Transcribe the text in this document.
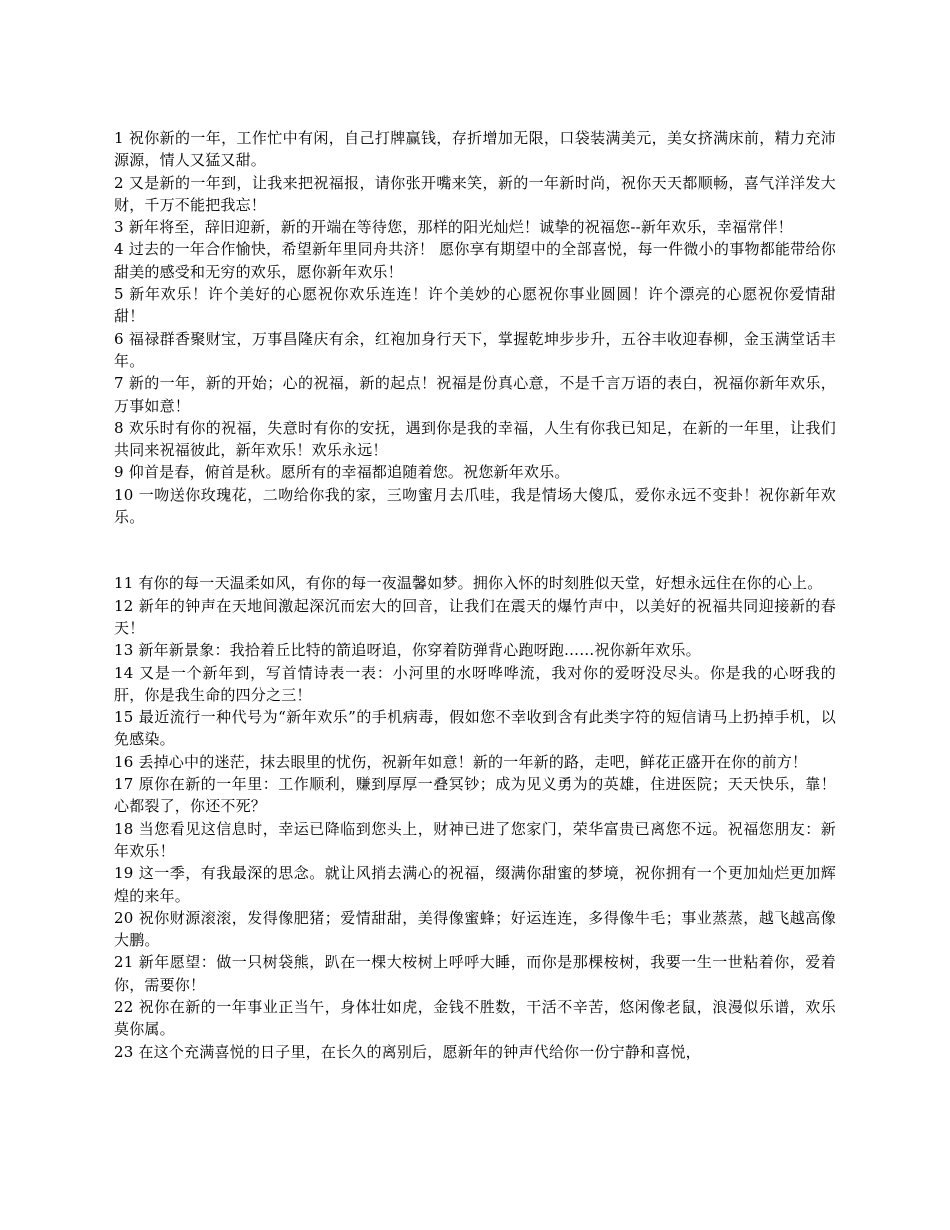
1 祝你新的一年，工作忙中有闲，自己打牌赢钱，存折增加无限，口袋装满美元，美女挤满床前，精力充沛源源，情人又猛又甜。

2 又是新的一年到，让我来把祝福报，请你张开嘴来笑，新的一年新时尚，祝你天天都顺畅，喜气洋洋发大财，千万不能把我忘！

3 新年将至，辞旧迎新，新的开端在等待您，那样的阳光灿烂！诚挚的祝福您--新年欢乐，幸福常伴！

4 过去的一年合作愉快，希望新年里同舟共济！ 愿你享有期望中的全部喜悦，每一件微小的事物都能带给你甜美的感受和无穷的欢乐，愿你新年欢乐！

5 新年欢乐！许个美好的心愿祝你欢乐连连！许个美妙的心愿祝你事业圆圆！许个漂亮的心愿祝你爱情甜甜！

6 福禄群香聚财宝，万事昌隆庆有余，红袍加身行天下，掌握乾坤步步升，五谷丰收迎春柳，金玉满堂话丰年。

7 新的一年，新的开始；心的祝福，新的起点！祝福是份真心意，不是千言万语的表白，祝福你新年欢乐，万事如意！

8 欢乐时有你的祝福，失意时有你的安抚，遇到你是我的幸福，人生有你我已知足，在新的一年里，让我们共同来祝福彼此，新年欢乐！欢乐永远！

9 仰首是春，俯首是秋。愿所有的幸福都追随着您。祝您新年欢乐。

10 一吻送你玫瑰花，二吻给你我的家，三吻蜜月去爪哇，我是情场大傻瓜，爱你永远不变卦！祝你新年欢乐。

11 有你的每一天温柔如风，有你的每一夜温馨如梦。拥你入怀的时刻胜似天堂，好想永远住在你的心上。

12 新年的钟声在天地间激起深沉而宏大的回音，让我们在震天的爆竹声中，以美好的祝福共同迎接新的春天！

13 新年新景象：我拾着丘比特的箭追呀追，你穿着防弹背心跑呀跑……祝你新年欢乐。

14 又是一个新年到，写首情诗表一表：小河里的水呀哗哗流，我对你的爱呀没尽头。你是我的心呀我的肝，你是我生命的四分之三！

15 最近流行一种代号为“新年欢乐”的手机病毒，假如您不幸收到含有此类字符的短信请马上扔掉手机，以免感染。

16 丢掉心中的迷茫，抹去眼里的忧伤，祝新年如意！新的一年新的路，走吧，鲜花正盛开在你的前方！

17 原你在新的一年里：工作顺利，赚到厚厚一叠冥钞；成为见义勇为的英雄，住进医院；天天快乐，靠！心都裂了，你还不死？

18 当您看见这信息时，幸运已降临到您头上，财神已进了您家门，荣华富贵已离您不远。祝福您朋友：新年欢乐！

19 这一季，有我最深的思念。就让风捎去满心的祝福，缀满你甜蜜的梦境，祝你拥有一个更加灿烂更加辉煌的来年。

20 祝你财源滚滚，发得像肥猪；爱情甜甜，美得像蜜蜂；好运连连，多得像牛毛；事业蒸蒸，越飞越高像大鹏。

21 新年愿望：做一只树袋熊，趴在一棵大桉树上呼呼大睡，而你是那棵桉树，我要一生一世粘着你，爱着你，需要你！

22 祝你在新的一年事业正当午，身体壮如虎，金钱不胜数，干活不辛苦，悠闲像老鼠，浪漫似乐谱，欢乐莫你属。

23 在这个充满喜悦的日子里，在长久的离别后，愿新年的钟声代给你一份宁静和喜悦，
